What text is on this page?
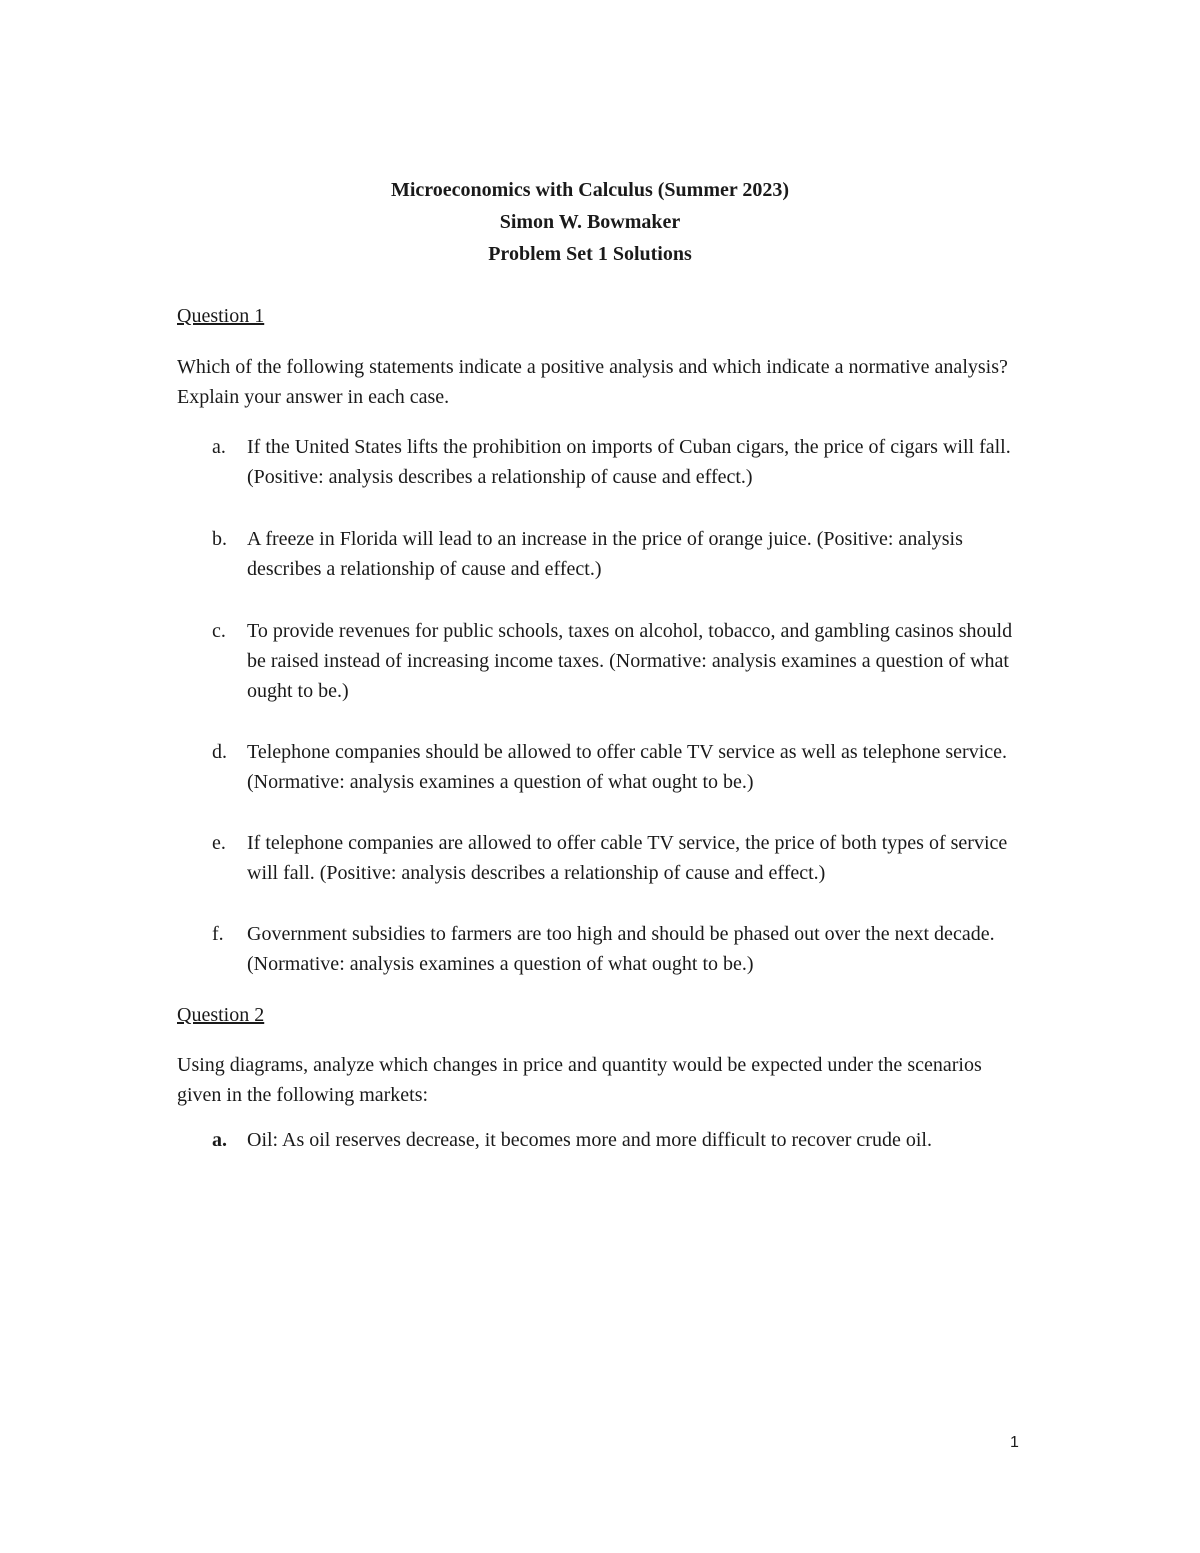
Microeconomics with Calculus (Summer 2023)
Simon W. Bowmaker
Problem Set 1 Solutions
Question 1
Which of the following statements indicate a positive analysis and which indicate a normative analysis? Explain your answer in each case.
a. If the United States lifts the prohibition on imports of Cuban cigars, the price of cigars will fall. (Positive: analysis describes a relationship of cause and effect.)
b. A freeze in Florida will lead to an increase in the price of orange juice. (Positive: analysis describes a relationship of cause and effect.)
c. To provide revenues for public schools, taxes on alcohol, tobacco, and gambling casinos should be raised instead of increasing income taxes. (Normative: analysis examines a question of what ought to be.)
d. Telephone companies should be allowed to offer cable TV service as well as telephone service. (Normative: analysis examines a question of what ought to be.)
e. If telephone companies are allowed to offer cable TV service, the price of both types of service will fall. (Positive: analysis describes a relationship of cause and effect.)
f. Government subsidies to farmers are too high and should be phased out over the next decade. (Normative: analysis examines a question of what ought to be.)
Question 2
Using diagrams, analyze which changes in price and quantity would be expected under the scenarios given in the following markets:
a. Oil: As oil reserves decrease, it becomes more and more difficult to recover crude oil.
1
